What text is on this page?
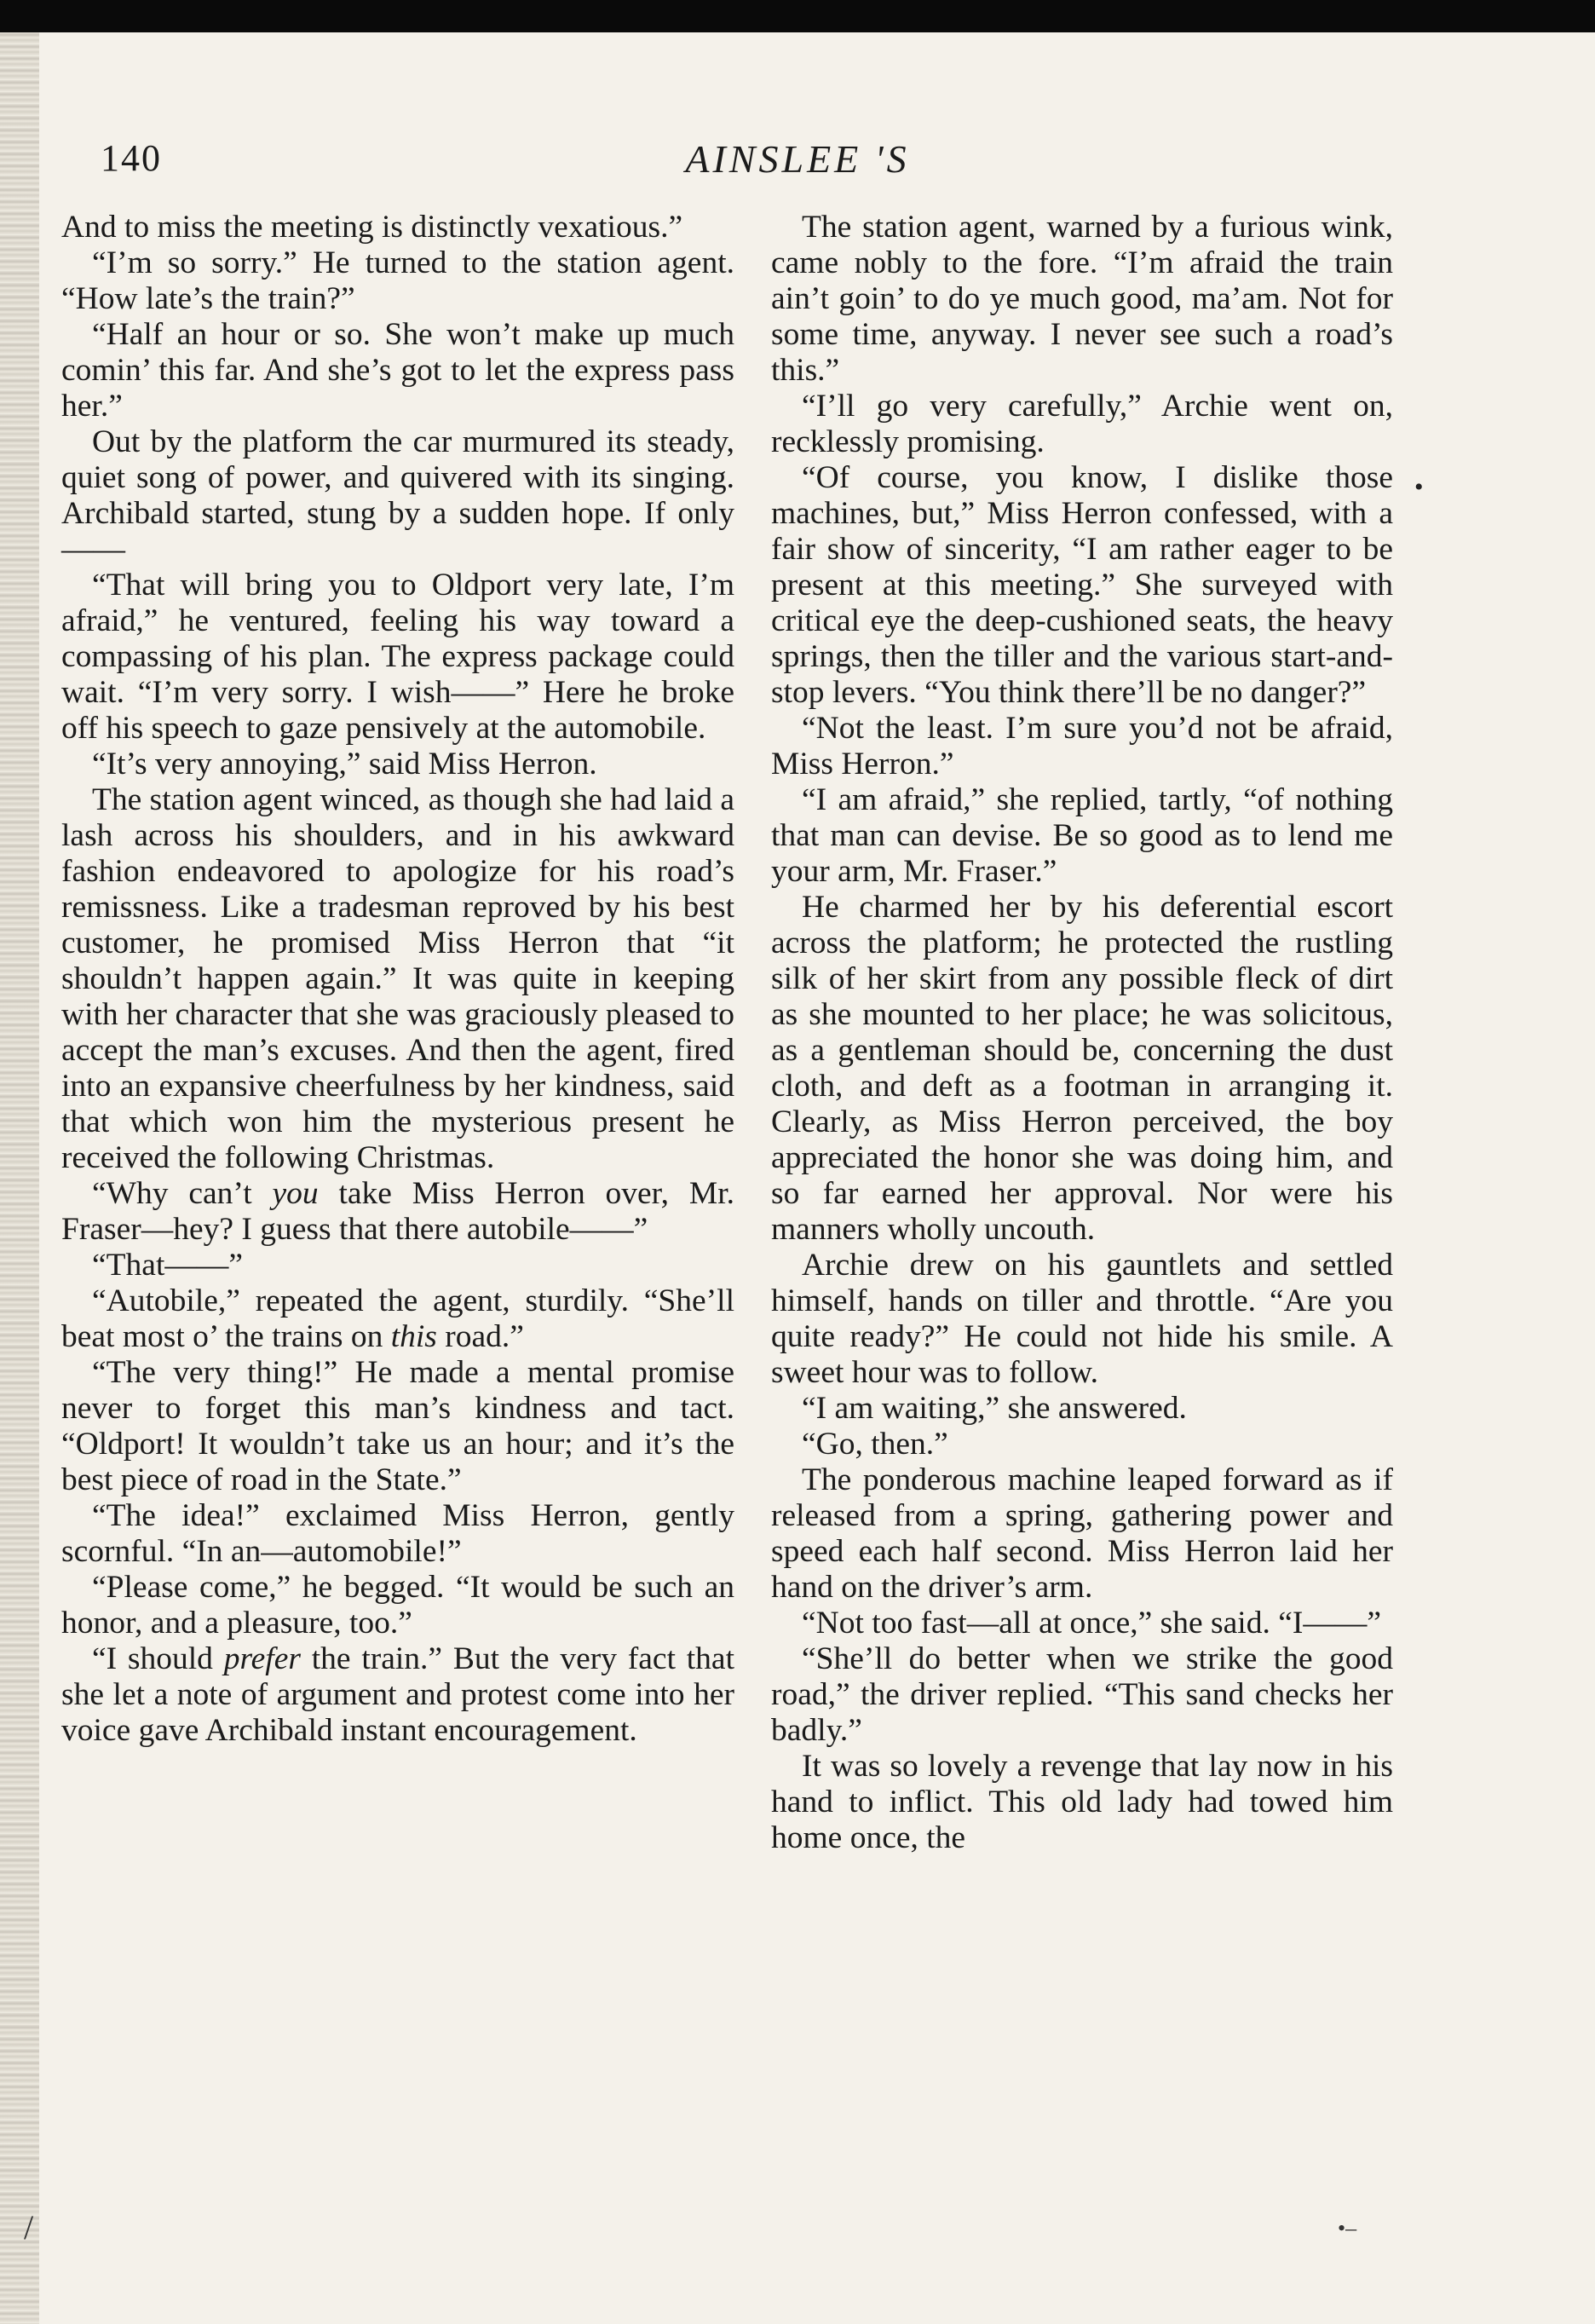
140	AINSLEE 'S

And to miss the meeting is distinctly vexatious.”

“I’m so sorry.” He turned to the station agent. “How late’s the train?”

“Half an hour or so. She won’t make up much comin’ this far. And she’s got to let the express pass her.”

Out by the platform the car murmured its steady, quiet song of power, and quivered with its singing. Archibald started, stung by a sudden hope. If only——

“That will bring you to Oldport very late, I’m afraid,” he ventured, feeling his way toward a compassing of his plan. The express package could wait. “I’m very sorry. I wish——” Here he broke off his speech to gaze pensively at the automobile.

“It’s very annoying,” said Miss Herron.

The station agent winced, as though she had laid a lash across his shoulders, and in his awkward fashion endeavored to apologize for his road’s remissness. Like a tradesman reproved by his best customer, he promised Miss Herron that “it shouldn’t happen again.” It was quite in keeping with her character that she was graciously pleased to accept the man’s excuses. And then the agent, fired into an expansive cheerfulness by her kindness, said that which won him the mysterious present he received the following Christmas.

“Why can’t you take Miss Herron over, Mr. Fraser—hey? I guess that there autobile——”

“That——”

“Autobile,” repeated the agent, sturdily. “She’ll beat most o’ the trains on this road.”

“The very thing!” He made a mental promise never to forget this man’s kindness and tact. “Oldport! It wouldn’t take us an hour; and it’s the best piece of road in the State.”

“The idea!” exclaimed Miss Herron, gently scornful. “In an—automobile!”

“Please come,” he begged. “It would be such an honor, and a pleasure, too.”

“I should prefer the train.” But the very fact that she let a note of argument and protest come into her voice gave Archibald instant encouragement.

The station agent, warned by a furious wink, came nobly to the fore. “I’m afraid the train ain’t goin’ to do ye much good, ma’am. Not for some time, anyway. I never see such a road’s this.”

“I’ll go very carefully,” Archie went on, recklessly promising.

“Of course, you know, I dislike those machines, but,” Miss Herron confessed, with a fair show of sincerity, “I am rather eager to be present at this meeting.” She surveyed with critical eye the deep-cushioned seats, the heavy springs, then the tiller and the various start-and-stop levers. “You think there’ll be no danger?”

“Not the least. I’m sure you’d not be afraid, Miss Herron.”

“I am afraid,” she replied, tartly, “of nothing that man can devise. Be so good as to lend me your arm, Mr. Fraser.”

He charmed her by his deferential escort across the platform; he protected the rustling silk of her skirt from any possible fleck of dirt as she mounted to her place; he was solicitous, as a gentleman should be, concerning the dust cloth, and deft as a footman in arranging it. Clearly, as Miss Herron perceived, the boy appreciated the honor she was doing him, and so far earned her approval. Nor were his manners wholly uncouth.

Archie drew on his gauntlets and settled himself, hands on tiller and throttle. “Are you quite ready?” He could not hide his smile. A sweet hour was to follow.

“I am waiting,” she answered.

“Go, then.”

The ponderous machine leaped forward as if released from a spring, gathering power and speed each half second. Miss Herron laid her hand on the driver’s arm.

“Not too fast—all at once,” she said. “I——”

“She’ll do better when we strike the good road,” the driver replied. “This sand checks her badly.”

It was so lovely a revenge that lay now in his hand to inflict. This old lady had towed him home once, the

•
•‒
/
